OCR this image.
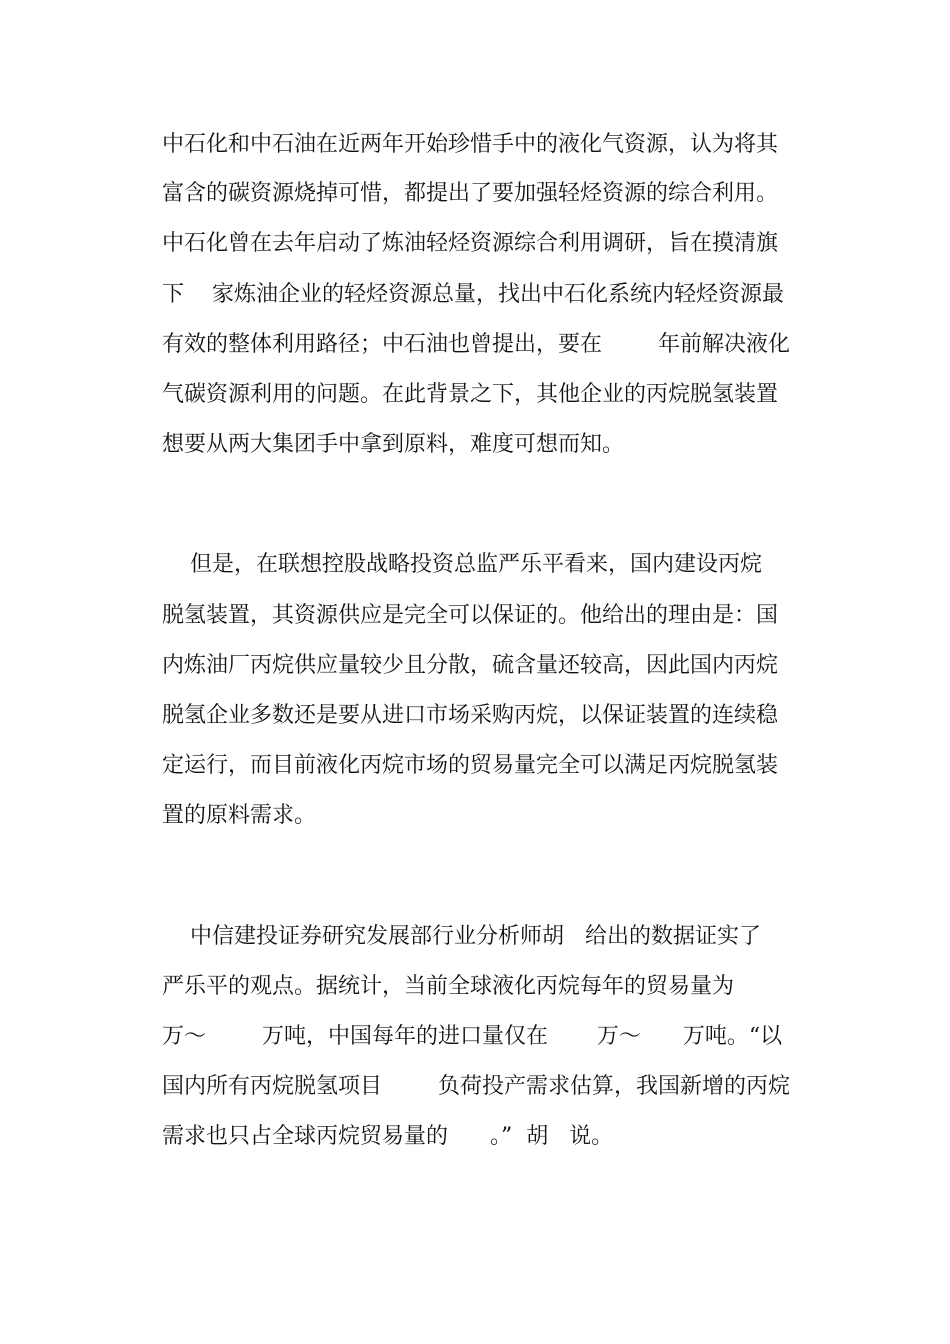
中石化和中石油在近两年开始珍惜手中的液化气资源，认为将其
富含的碳资源烧掉可惜，都提出了要加强轻烃资源的综合利用。
中石化曾在去年启动了炼油轻烃资源综合利用调研，旨在摸清旗
下    家炼油企业的轻烃资源总量，找出中石化系统内轻烃资源最
有效的整体利用路径；中石油也曾提出，要在        年前解决液化
气碳资源利用的问题。在此背景之下，其他企业的丙烷脱氢装置
想要从两大集团手中拿到原料，难度可想而知。
但是，在联想控股战略投资总监严乐平看来，国内建设丙烷
脱氢装置，其资源供应是完全可以保证的。他给出的理由是：国
内炼油厂丙烷供应量较少且分散，硫含量还较高，因此国内丙烷
脱氢企业多数还是要从进口市场采购丙烷，以保证装置的连续稳
定运行，而目前液化丙烷市场的贸易量完全可以满足丙烷脱氢装
置的原料需求。
中信建投证券研究发展部行业分析师胡   给出的数据证实了
严乐平的观点。据统计，当前全球液化丙烷每年的贸易量为
万～        万吨，中国每年的进口量仅在       万～      万吨。“以
国内所有丙烷脱氢项目        负荷投产需求估算，我国新增的丙烷
需求也只占全球丙烷贸易量的      。”  胡   说。
